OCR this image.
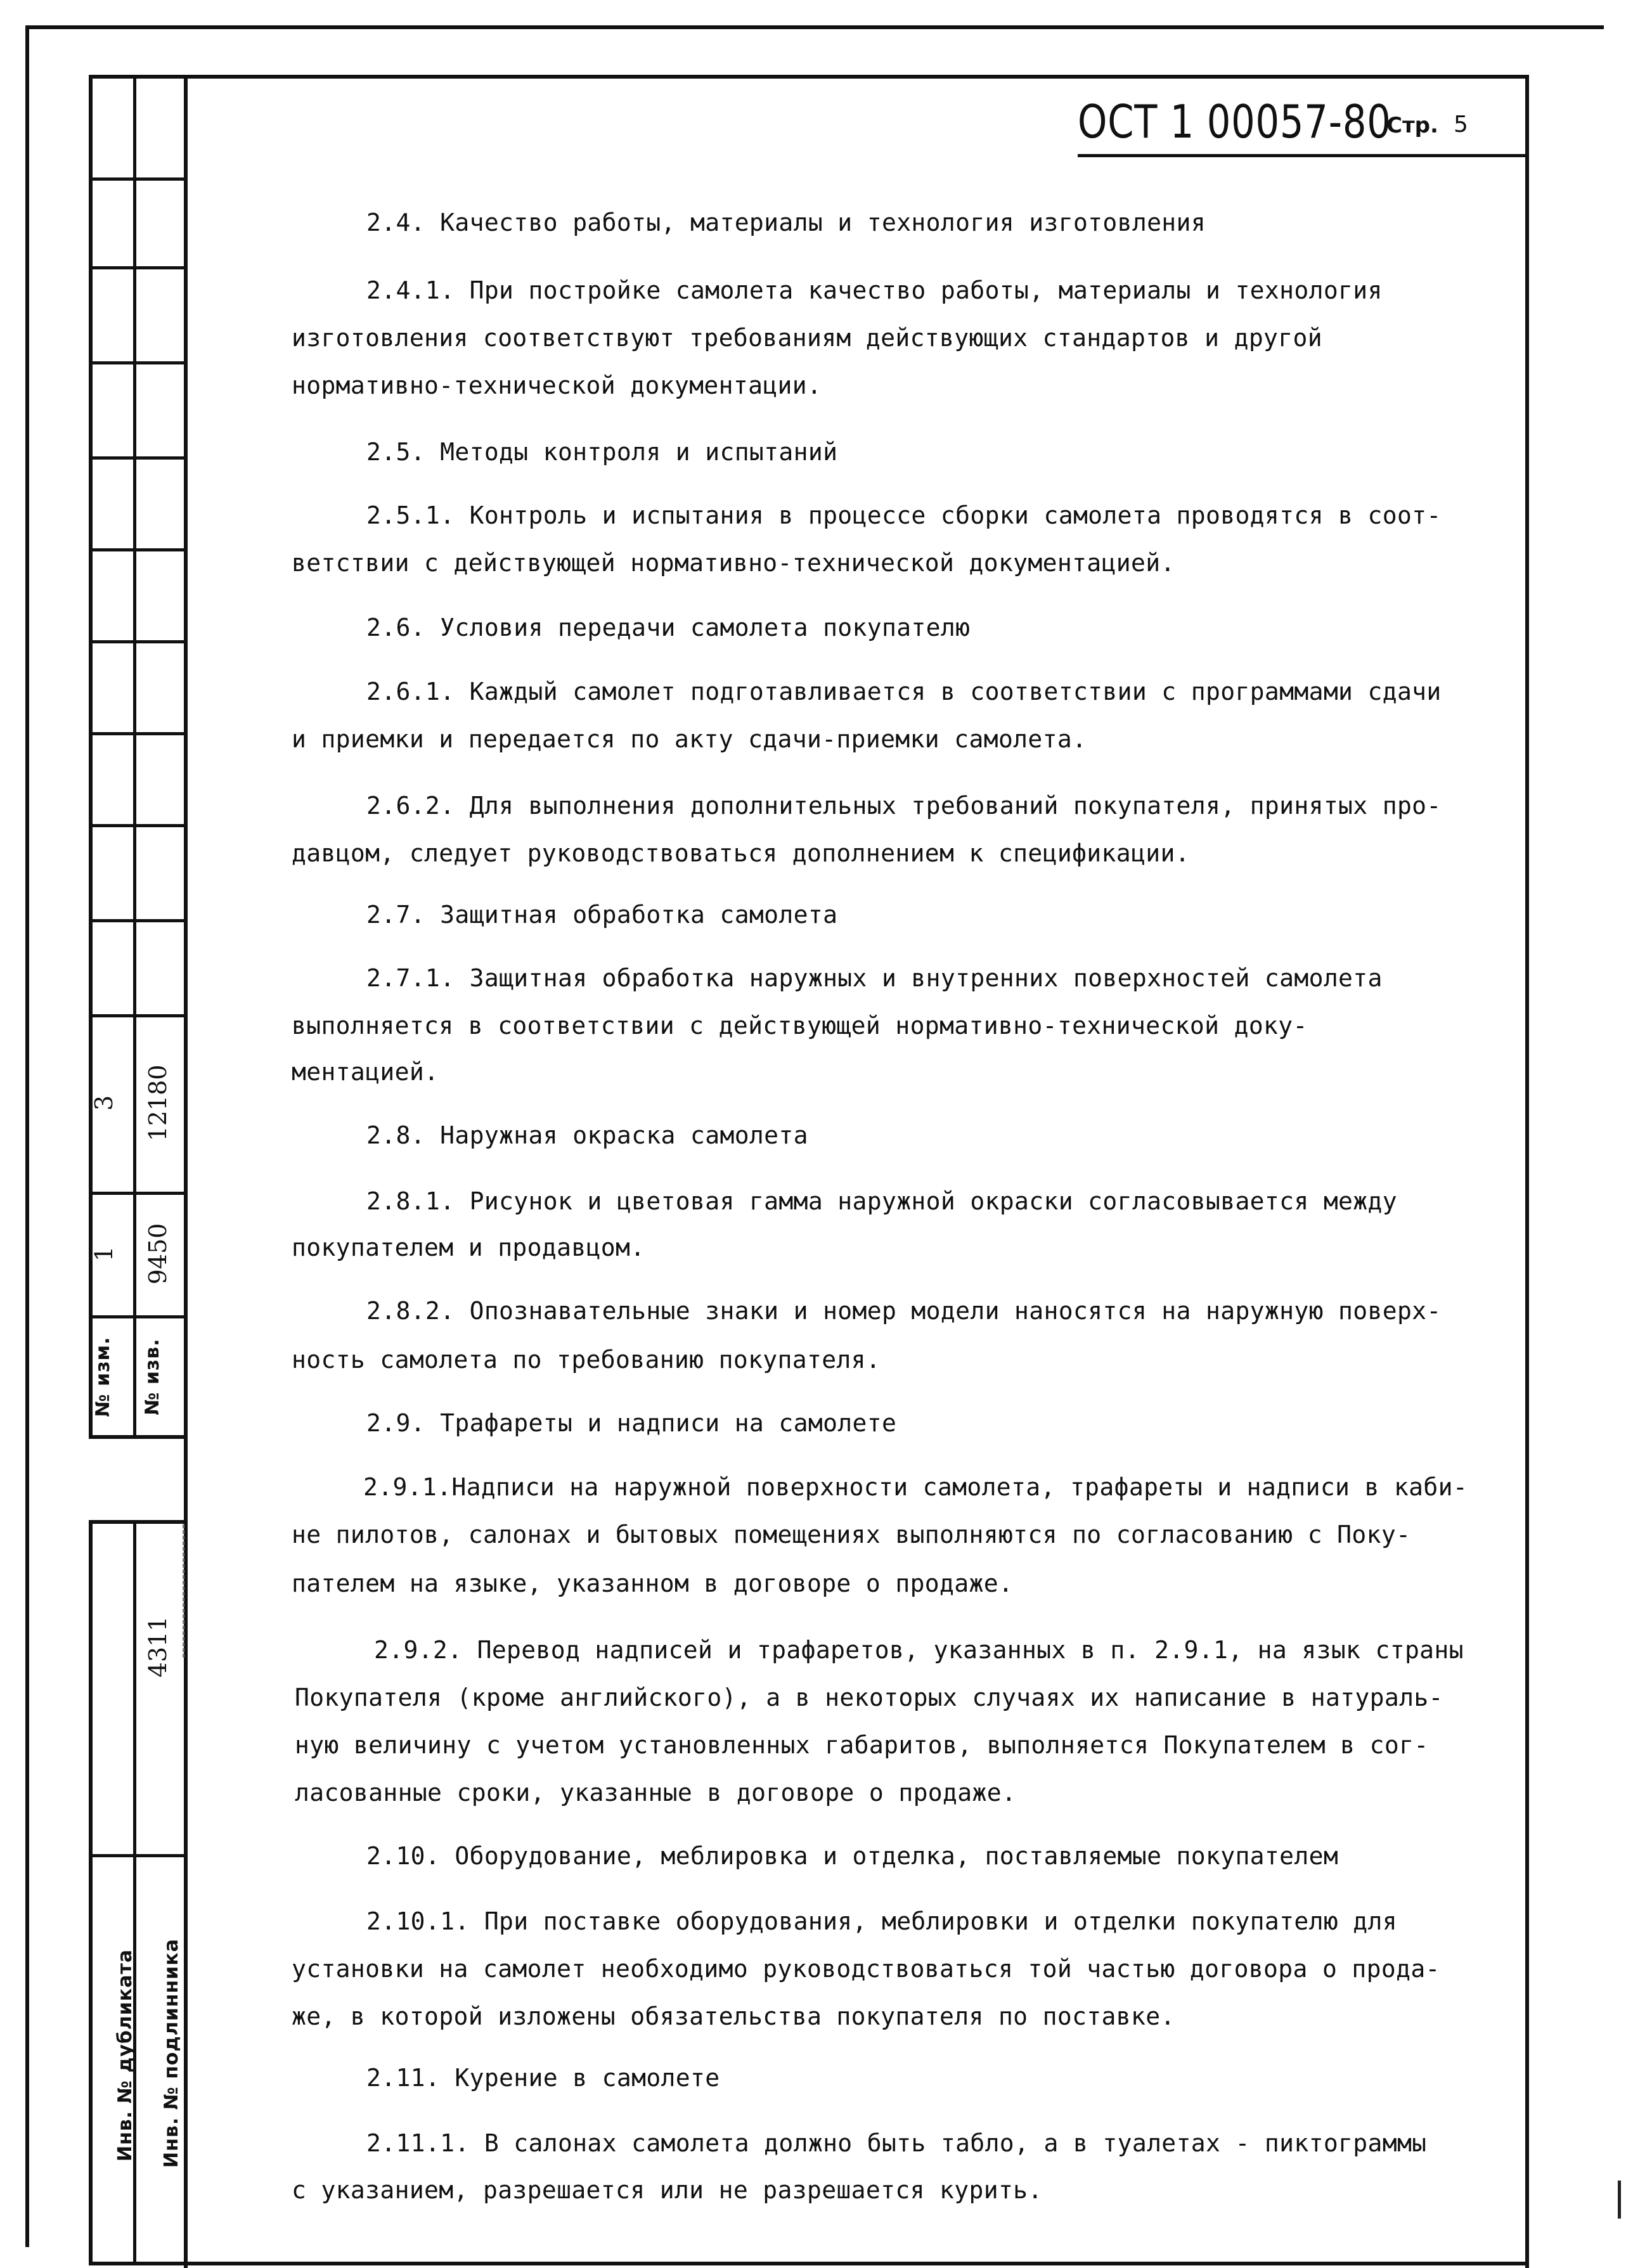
3 12180
1 9450
№ изм. № изв.
4311
Инв. № дубликата Инв. № подлинника
ОСТ 1 00057-80
Стр. 5
2.4. Качество работы, материалы и технология изготовления
2.4.1. При постройке самолета качество работы, материалы и технология
изготовления соответствуют требованиям действующих стандартов и другой
нормативно-технической документации.
2.5. Методы контроля и испытаний
2.5.1. Контроль и испытания в процессе сборки самолета проводятся в соот-
ветствии с действующей нормативно-технической документацией.
2.6. Условия передачи самолета покупателю
2.6.1. Каждый самолет подготавливается в соответствии с программами сдачи
и приемки и передается по акту сдачи-приемки самолета.
2.6.2. Для выполнения дополнительных требований покупателя, принятых про-
давцом, следует руководствоваться дополнением к спецификации.
2.7. Защитная обработка самолета
2.7.1. Защитная обработка наружных и внутренних поверхностей самолета
выполняется в соответствии с действующей нормативно-технической доку-
ментацией.
2.8. Наружная окраска самолета
2.8.1. Рисунок и цветовая гамма наружной окраски согласовывается между
покупателем и продавцом.
2.8.2. Опознавательные знаки и номер модели наносятся на наружную поверх-
ность самолета по требованию покупателя.
2.9. Трафареты и надписи на самолете
2.9.1.Надписи на наружной поверхности самолета, трафареты и надписи в каби-
не пилотов, салонах и бытовых помещениях выполняются по согласованию с Поку-
пателем на языке, указанном в договоре о продаже.
2.9.2. Перевод надписей и трафаретов, указанных в п. 2.9.1, на язык страны
Покупателя (кроме английского), а в некоторых случаях их написание в натураль-
ную величину с учетом установленных габаритов, выполняется Покупателем в сог-
ласованные сроки, указанные в договоре о продаже.
2.10. Оборудование, меблировка и отделка, поставляемые покупателем
2.10.1. При поставке оборудования, меблировки и отделки покупателю для
установки на самолет необходимо руководствоваться той частью договора о прода-
же, в которой изложены обязательства покупателя по поставке.
2.11. Курение в самолете
2.11.1. В салонах самолета должно быть табло, а в туалетах - пиктограммы
с указанием, разрешается или не разрешается курить.
